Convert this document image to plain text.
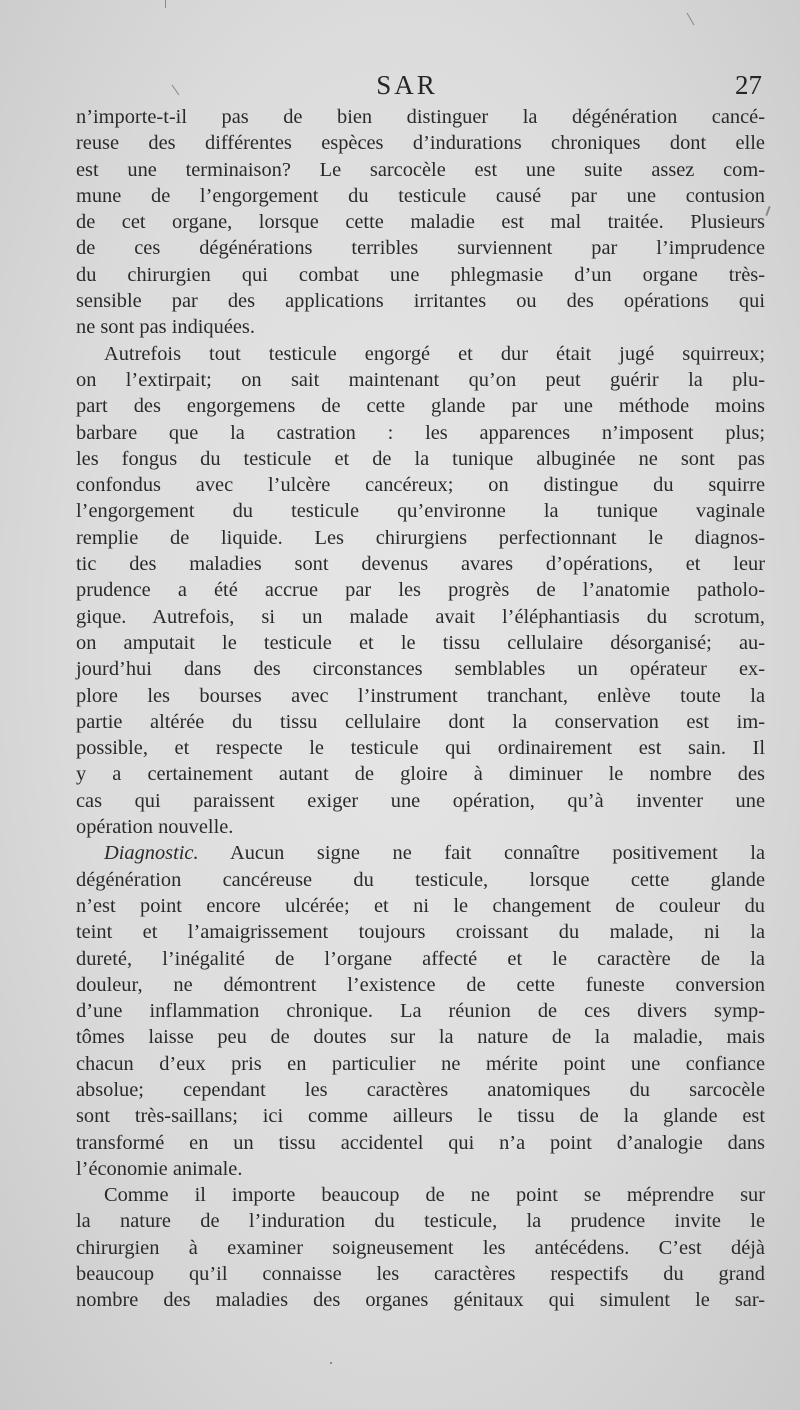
SAR	27

n’importe-t-il pas de bien distinguer la dégénération cancé-
reuse des différentes espèces d’indurations chroniques dont elle
est une terminaison? Le sarcocèle est une suite assez com-
mune de l’engorgement du testicule causé par une contusion
de cet organe, lorsque cette maladie est mal traitée. Plusieurs
de ces dégénérations terribles surviennent par l’imprudence
du chirurgien qui combat une phlegmasie d’un organe très-
sensible par des applications irritantes ou des opérations qui
ne sont pas indiquées.

Autrefois tout testicule engorgé et dur était jugé squirreux;
on l’extirpait; on sait maintenant qu’on peut guérir la plu-
part des engorgemens de cette glande par une méthode moins
barbare que la castration : les apparences n’imposent plus;
les fongus du testicule et de la tunique albuginée ne sont pas
confondus avec l’ulcère cancéreux; on distingue du squirre
l’engorgement du testicule qu’environne la tunique vaginale
remplie de liquide. Les chirurgiens perfectionnant le diagnos-
tic des maladies sont devenus avares d’opérations, et leur
prudence a été accrue par les progrès de l’anatomie patholo-
gique. Autrefois, si un malade avait l’éléphantiasis du scrotum,
on amputait le testicule et le tissu cellulaire désorganisé; au-
jourd’hui dans des circonstances semblables un opérateur ex-
plore les bourses avec l’instrument tranchant, enlève toute la
partie altérée du tissu cellulaire dont la conservation est im-
possible, et respecte le testicule qui ordinairement est sain. Il
y a certainement autant de gloire à diminuer le nombre des
cas qui paraissent exiger une opération, qu’à inventer une
opération nouvelle.

Diagnostic. Aucun signe ne fait connaître positivement la
dégénération cancéreuse du testicule, lorsque cette glande
n’est point encore ulcérée; et ni le changement de couleur du
teint et l’amaigrissement toujours croissant du malade, ni la
dureté, l’inégalité de l’organe affecté et le caractère de la
douleur, ne démontrent l’existence de cette funeste conversion
d’une inflammation chronique. La réunion de ces divers symp-
tômes laisse peu de doutes sur la nature de la maladie, mais
chacun d’eux pris en particulier ne mérite point une confiance
absolue; cependant les caractères anatomiques du sarcocèle
sont très-saillans; ici comme ailleurs le tissu de la glande est
transformé en un tissu accidentel qui n’a point d’analogie dans
l’économie animale.

Comme il importe beaucoup de ne point se méprendre sur
la nature de l’induration du testicule, la prudence invite le
chirurgien à examiner soigneusement les antécédens. C’est déjà
beaucoup qu’il connaisse les caractères respectifs du grand
nombre des maladies des organes génitaux qui simulent le sar-
